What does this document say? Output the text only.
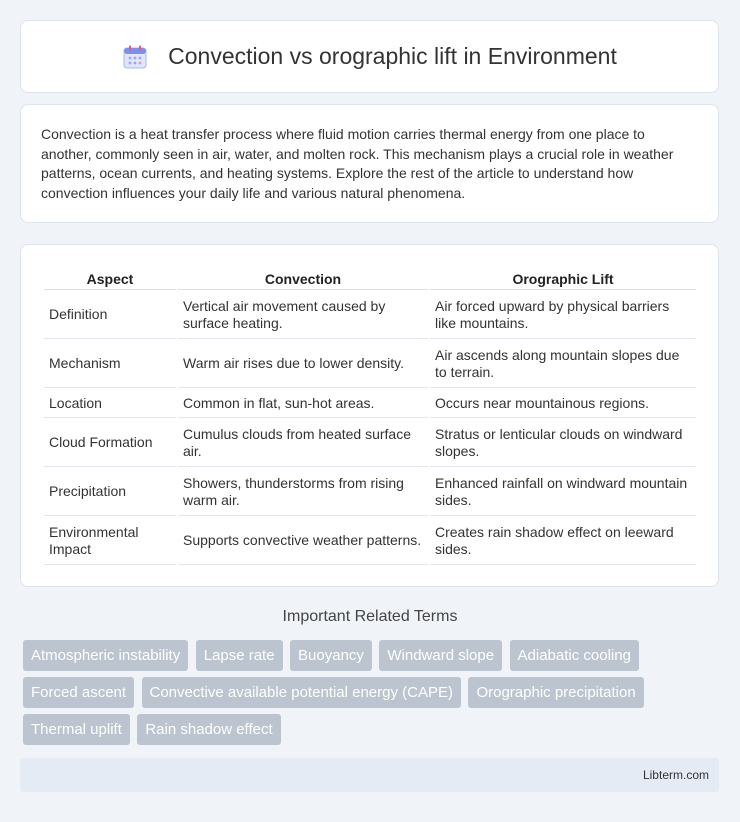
Convection vs orographic lift in Environment

Convection is a heat transfer process where fluid motion carries thermal energy from one place to another, commonly seen in air, water, and molten rock. This mechanism plays a crucial role in weather patterns, ocean currents, and heating systems. Explore the rest of the article to understand how convection influences your daily life and various natural phenomena.

Aspect	Convection	Orographic Lift
Definition	Vertical air movement caused by surface heating.	Air forced upward by physical barriers like mountains.
Mechanism	Warm air rises due to lower density.	Air ascends along mountain slopes due to terrain.
Location	Common in flat, sun-hot areas.	Occurs near mountainous regions.
Cloud Formation	Cumulus clouds from heated surface air.	Stratus or lenticular clouds on windward slopes.
Precipitation	Showers, thunderstorms from rising warm air.	Enhanced rainfall on windward mountain sides.
Environmental Impact	Supports convective weather patterns.	Creates rain shadow effect on leeward sides.
Important Related Terms
Atmospheric instability Lapse rate Buoyancy Windward slope Adiabatic cooling Forced ascent Convective available potential energy (CAPE) Orographic precipitation Thermal uplift Rain shadow effect
Libterm.com
